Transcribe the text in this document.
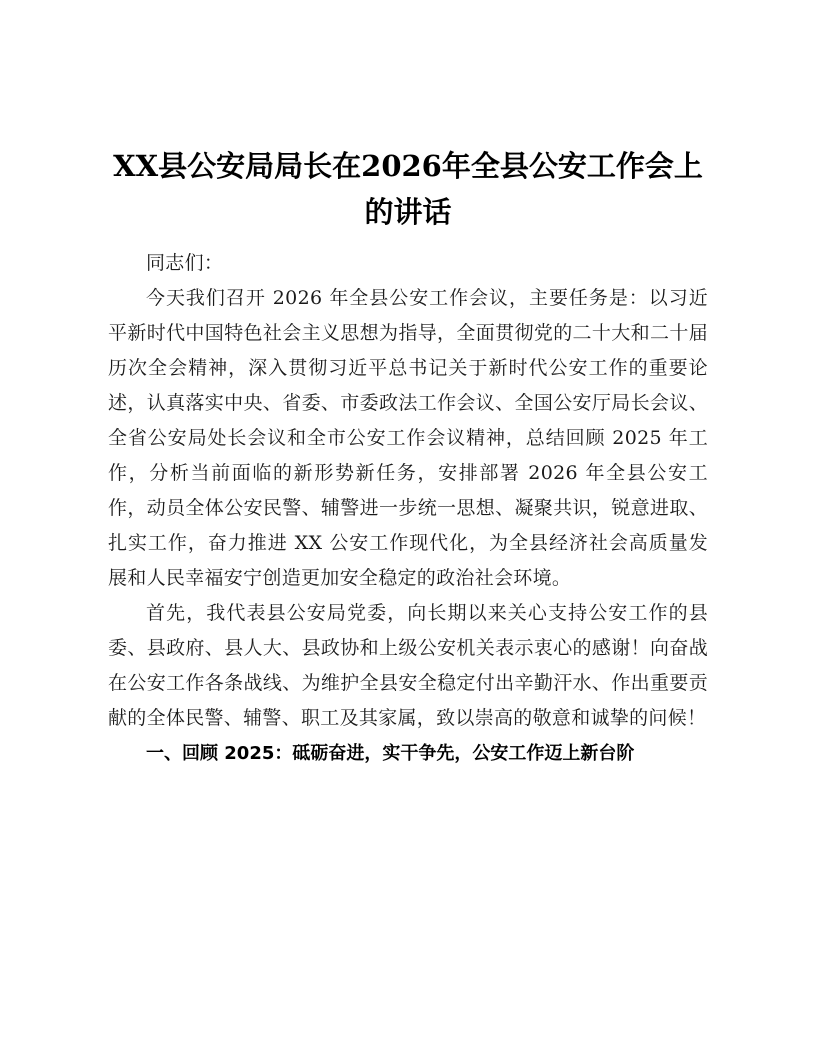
XX县公安局局长在2026年全县公安工作会上的讲话

同志们：

今天我们召开 2026 年全县公安工作会议，主要任务是：以习近平新时代中国特色社会主义思想为指导，全面贯彻党的二十大和二十届历次全会精神，深入贯彻习近平总书记关于新时代公安工作的重要论述，认真落实中央、省委、市委政法工作会议、全国公安厅局长会议、全省公安局处长会议和全市公安工作会议精神，总结回顾 2025 年工作，分析当前面临的新形势新任务，安排部署 2026 年全县公安工作，动员全体公安民警、辅警进一步统一思想、凝聚共识，锐意进取、扎实工作，奋力推进 XX 公安工作现代化，为全县经济社会高质量发展和人民幸福安宁创造更加安全稳定的政治社会环境。

首先，我代表县公安局党委，向长期以来关心支持公安工作的县委、县政府、县人大、县政协和上级公安机关表示衷心的感谢！向奋战在公安工作各条战线、为维护全县安全稳定付出辛勤汗水、作出重要贡献的全体民警、辅警、职工及其家属，致以崇高的敬意和诚挚的问候！

一、回顾 2025：砥砺奋进，实干争先，公安工作迈上新台阶
